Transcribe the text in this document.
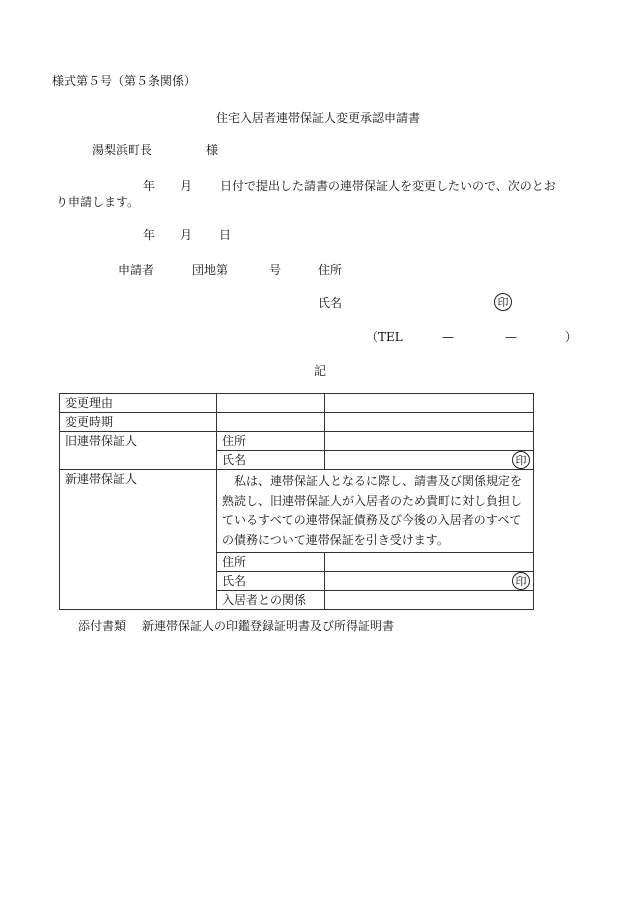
様式第５号（第５条関係）
住宅入居者連帯保証人変更承認申請書
湯梨浜町長	様
年 月 日付で提出した請書の連帯保証人を変更したいので、次のとお
り申請します。
年 月 日
申請者	団地第	号	住所
氏名	印
（TEL	—	—	）
記
変更理由		
変更時期		
旧連帯保証人	住所	
	氏名	印

新連帯保証人	私は、連帯保証人となるに際し、請書及び関係規定を熟読し、旧連帯保証人が入居者のため貴町に対し負担しているすべての連帯保証債務及び今後の入居者のすべての債務について連帯保証を引き受けます。	
	住所	
	氏名	印

	入居者との関係	
添付書類 新連帯保証人の印鑑登録証明書及び所得証明書
